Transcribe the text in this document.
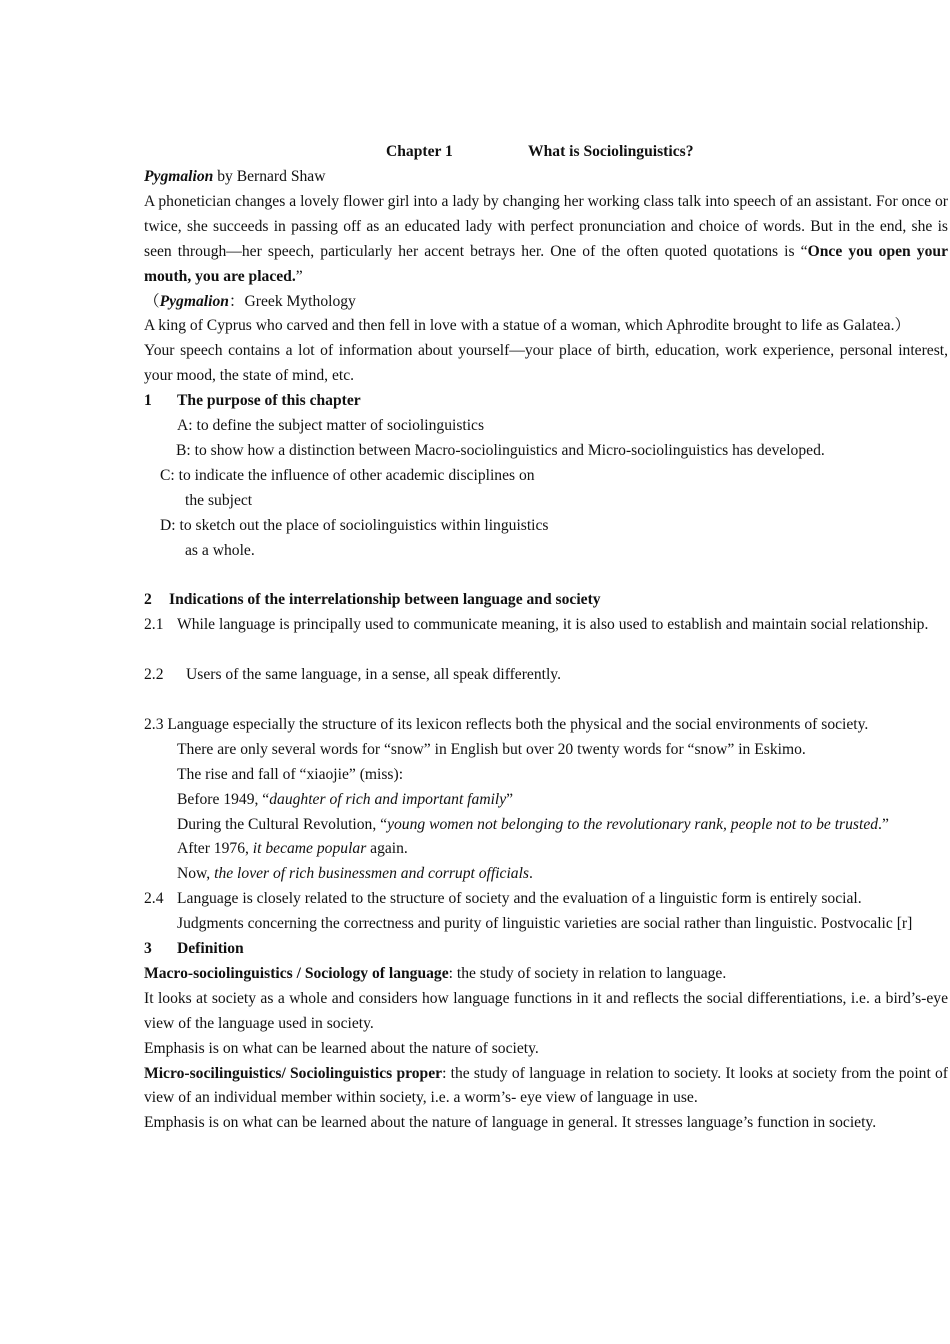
Chapter 1	What is Sociolinguistics?
Pygmalion by Bernard Shaw
A phonetician changes a lovely flower girl into a lady by changing her working class talk into speech of an assistant. For once or twice, she succeeds in passing off as an educated lady with perfect pronunciation and choice of words. But in the end, she is seen through—her speech, particularly her accent betrays her. One of the often quoted quotations is “Once you open your mouth, you are placed.”
（Pygmalion：Greek Mythology
A king of Cyprus who carved and then fell in love with a statue of a woman, which Aphrodite brought to life as Galatea.）
Your speech contains a lot of information about yourself—your place of birth, education, work experience, personal interest, your mood, the state of mind, etc.
1 The purpose of this chapter
A: to define the subject matter of sociolinguistics
B: to show how a distinction between Macro-sociolinguistics and Micro-sociolinguistics has developed.
C: to indicate the influence of other academic disciplines on
the subject
D: to sketch out the place of sociolinguistics within linguistics
as a whole.
2 Indications of the interrelationship between language and society
2.1 While language is principally used to communicate meaning, it is also used to establish and maintain social relationship.
2.2 Users of the same language, in a sense, all speak differently.
2.3 Language especially the structure of its lexicon reflects both the physical and the social environments of society.
There are only several words for “snow” in English but over 20 twenty words for “snow” in Eskimo.
The rise and fall of “xiaojie” (miss):
Before 1949, “daughter of rich and important family”
During the Cultural Revolution, “young women not belonging to the revolutionary rank, people not to be trusted.”
After 1976, it became popular again.
Now, the lover of rich businessmen and corrupt officials.
2.4 Language is closely related to the structure of society and the evaluation of a linguistic form is entirely social.
Judgments concerning the correctness and purity of linguistic varieties are social rather than linguistic. Postvocalic [r]
3 Definition
Macro-sociolinguistics / Sociology of language: the study of society in relation to language.
It looks at society as a whole and considers how language functions in it and reflects the social differentiations, i.e. a bird’s-eye view of the language used in society.
Emphasis is on what can be learned about the nature of society.
Micro-socilinguistics/ Sociolinguistics proper: the study of language in relation to society. It looks at society from the point of view of an individual member within society, i.e. a worm’s- eye view of language in use.
Emphasis is on what can be learned about the nature of language in general. It stresses language’s function in society.
